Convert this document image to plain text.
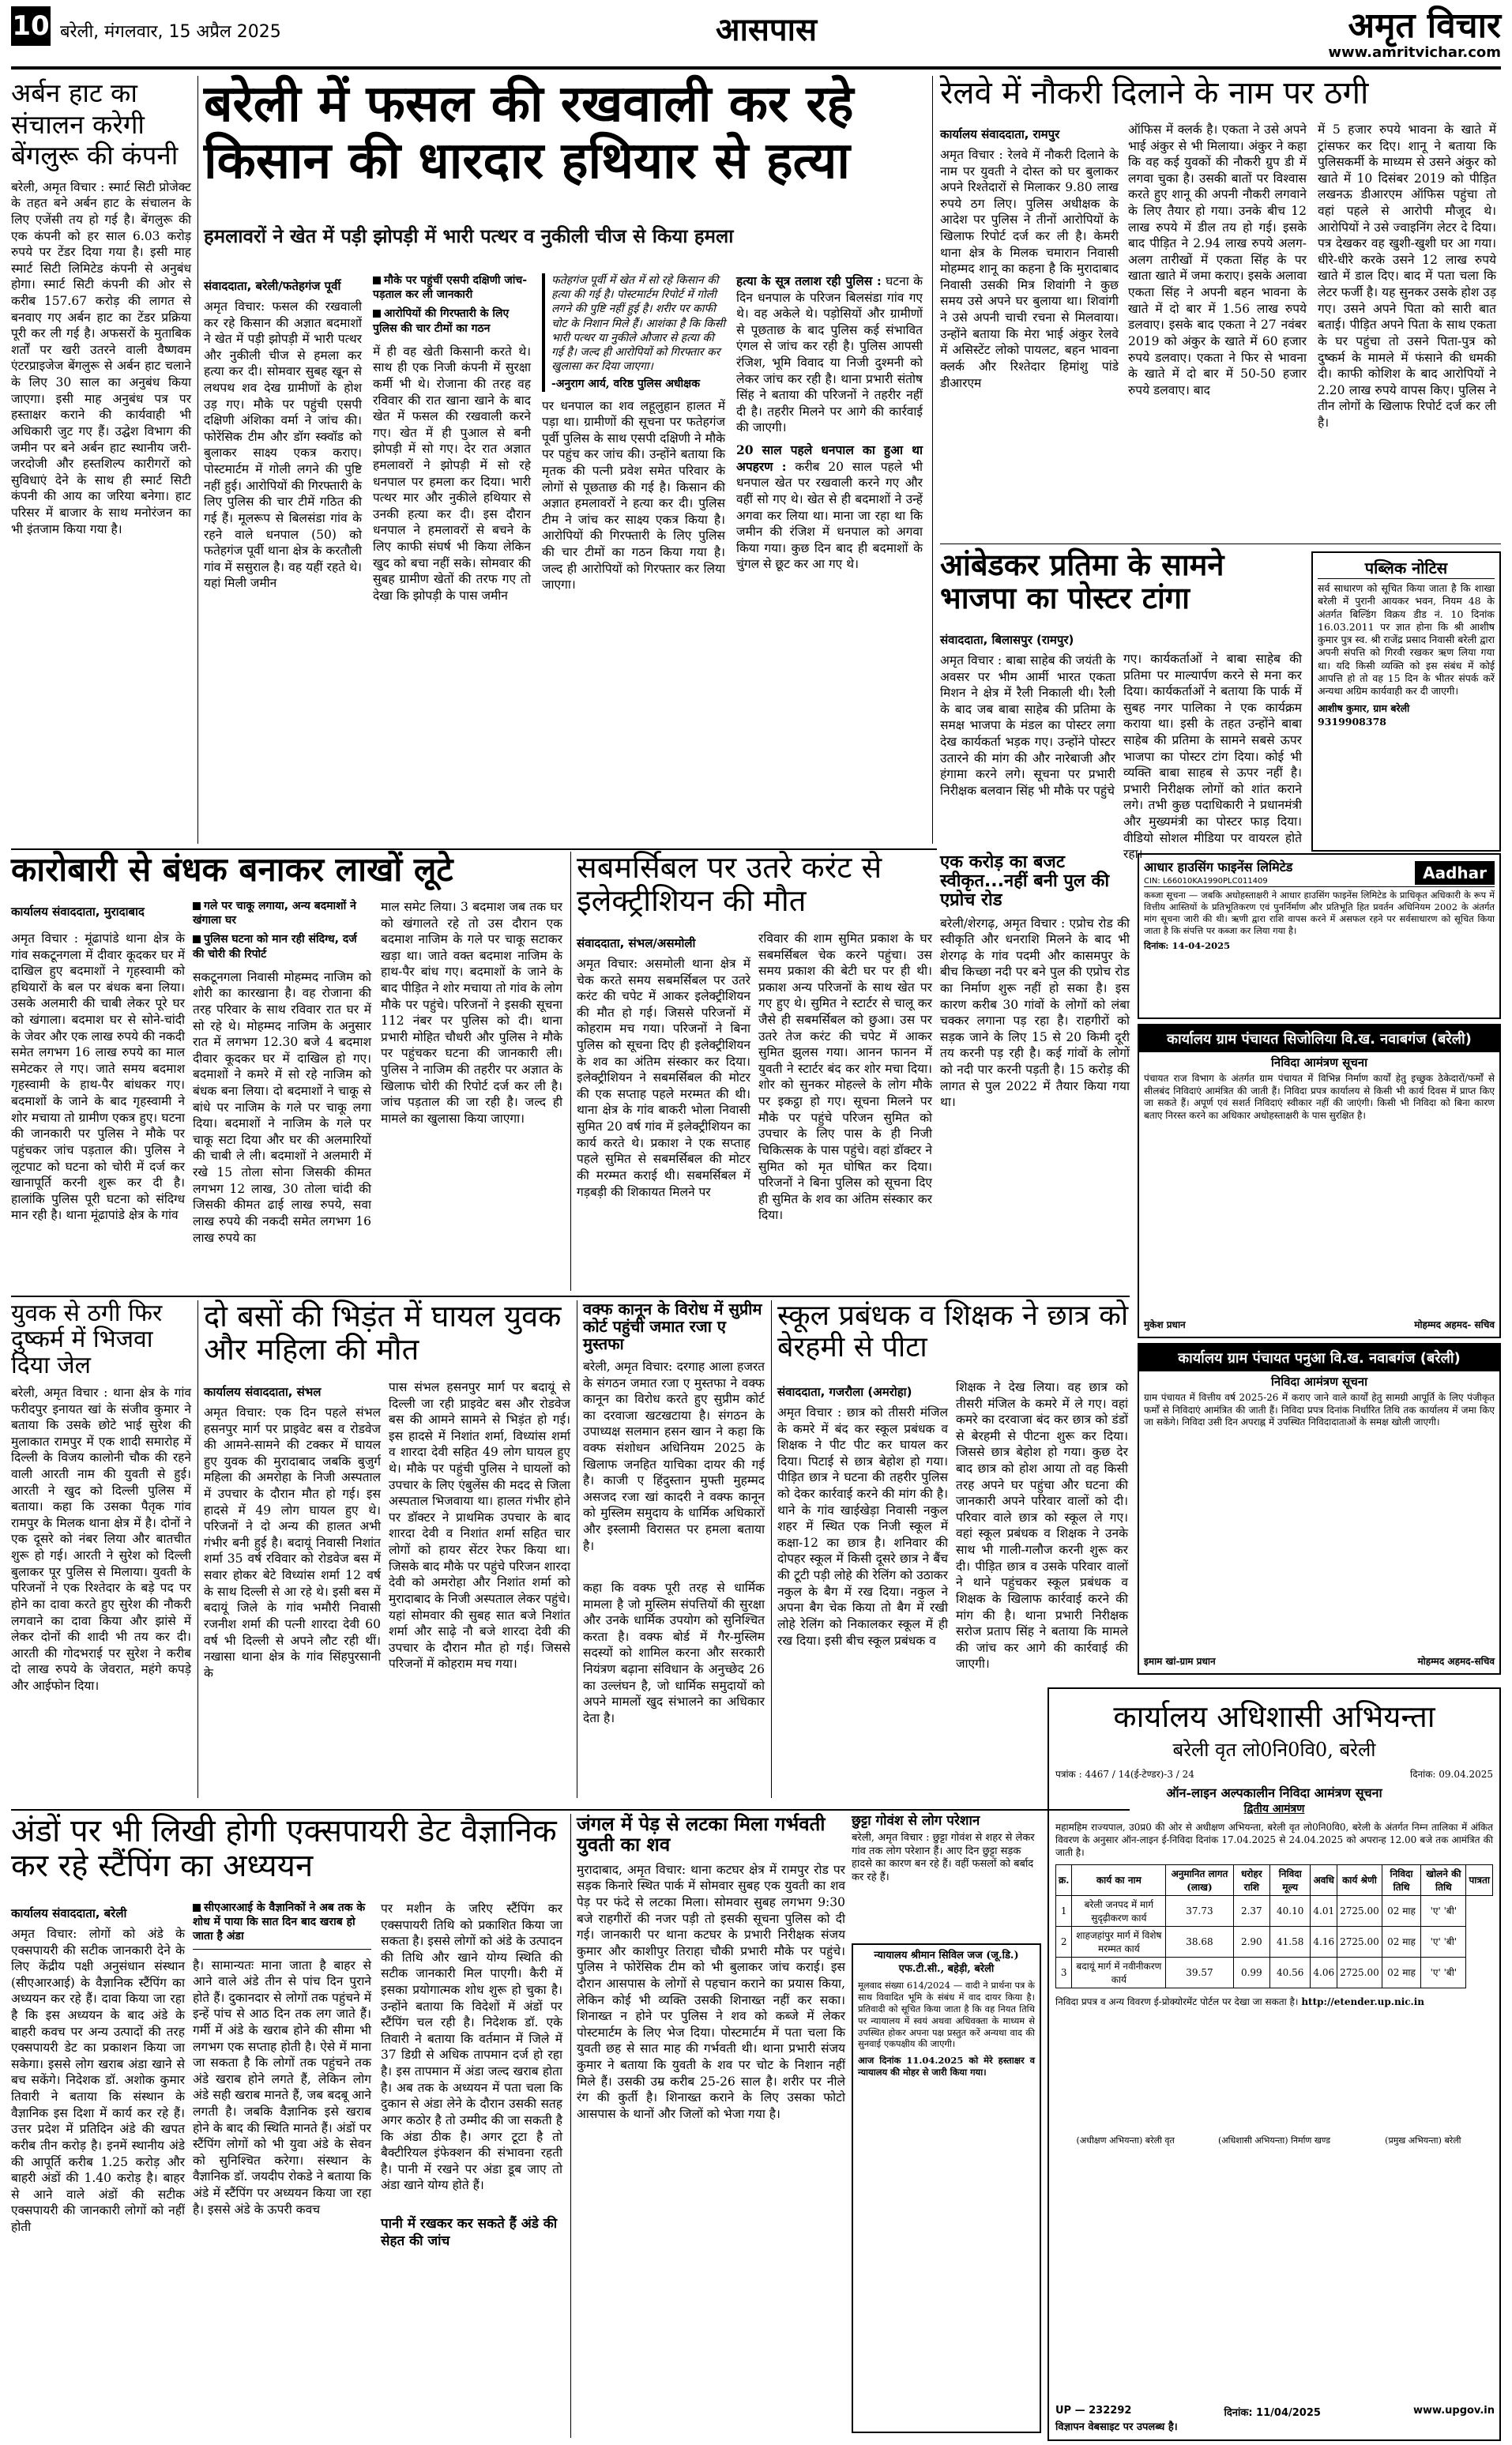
10 बरेली, मंगलवार, 15 अप्रैल 2025	आसपास	अमृत विचार
www.amritvichar.com
अर्बन हाट का संचालन करेगी बेंगलुरू की कंपनी
बरेली, अमृत विचार : स्मार्ट सिटी प्रोजेक्ट के तहत बने अर्बन हाट के संचालन के लिए एजेंसी तय हो गई है। बेंगलुरू की एक कंपनी को हर साल 6.03 करोड़ रुपये पर टेंडर दिया गया है। इसी माह स्मार्ट सिटी लिमिटेड कंपनी से अनुबंध होगा। स्मार्ट सिटी कंपनी की ओर से करीब 157.67 करोड़ की लागत से बनवाए गए अर्बन हाट का टेंडर प्रक्रिया पूरी कर ली गई है। अफसरों के मुताबिक शर्तों पर खरी उतरने वाली वैष्णवम एंटरप्राइजेज बेंगलुरू से अर्बन हाट चलाने के लिए 30 साल का अनुबंध किया जाएगा। इसी माह अनुबंध पत्र पर हस्ताक्षर कराने की कार्यवाही भी अधिकारी जुट गए हैं। उद्घेश विभाग की जमीन पर बने अर्बन हाट स्थानीय जरी-जरदोजी और हस्तशिल्प कारीगरों को सुविधाएं देने के साथ ही स्मार्ट सिटी कंपनी की आय का जरिया बनेगा। हाट परिसर में बाजार के साथ मनोरंजन का भी इंतजाम किया गया है।
बरेली में फसल की रखवाली कर रहे किसान की धारदार हथियार से हत्या
हमलावरों ने खेत में पड़ी झोपड़ी में भारी पत्थर व नुकीली चीज से किया हमला
संवाददाता, बरेली/फतेहगंज पूर्वी
अमृत विचार: फसल की रखवाली कर रहे किसान की अज्ञात बदमाशों ने खेत में पड़ी झोपड़ी में भारी पत्थर और नुकीली चीज से हमला कर हत्या कर दी। सोमवार सुबह खून से लथपथ शव देख ग्रामीणों के होश उड़ गए। मौके पर पहुंची एसपी दक्षिणी अंशिका वर्मा ने जांच की। फोरेंसिक टीम और डॉग स्क्वॉड को बुलाकर साक्ष्य एकत्र कराए। पोस्टमार्टम में गोली लगने की पुष्टि नहीं हुई। आरोपियों की गिरफ्तारी के लिए पुलिस की चार टीमें गठित की गई हैं। मूलरूप से बिलसंडा गांव के रहने वाले धनपाल (50) को फतेहगंज पूर्वी थाना क्षेत्र के करतौली गांव में ससुराल है। वह यहीं रहते थे। यहां मिली जमीन
मौके पर पहुंचीं एसपी दक्षिणी जांच- पड़ताल कर ली जानकारी
आरोपियों की गिरफ्तारी के लिए पुलिस की चार टीमों का गठन
में ही वह खेती किसानी करते थे। साथ ही एक निजी कंपनी में सुरक्षा कर्मी भी थे। रोजाना की तरह वह रविवार की रात खाना खाने के बाद खेत में फसल की रखवाली करने गए। खेत में ही पुआल से बनी झोपड़ी में सो गए। देर रात अज्ञात हमलावरों ने झोपड़ी में सो रहे धनपाल पर हमला कर दिया। भारी पत्थर मार और नुकीले हथियार से उनकी हत्या कर दी। इस दौरान धनपाल ने हमलावरों से बचने के लिए काफी संघर्ष भी किया लेकिन खुद को बचा नहीं सके। सोमवार की सुबह ग्रामीण खेतों की तरफ गए तो देखा कि झोपड़ी के पास जमीन
फतेहगंज पूर्वी में खेत में सो रहे किसान की हत्या की गई है। पोस्टमार्टम रिपोर्ट में गोली लगने की पुष्टि नहीं हुई है। शरीर पर काफी चोट के निशान मिले हैं। आशंका है कि किसी भारी पत्थर या नुकीले औजार से हत्या की गई है। जल्द ही आरोपियों को गिरफ्तार कर खुलासा कर दिया जाएगा।
-अनुराग आर्य, वरिष्ठ पुलिस अधीक्षक
पर धनपाल का शव लहूलुहान हालत में पड़ा था। ग्रामीणों की सूचना पर फतेहगंज पूर्वी पुलिस के साथ एसपी दक्षिणी ने मौके पर पहुंच कर जांच की। उन्होंने बताया कि मृतक की पत्नी प्रवेश समेत परिवार के लोगों से पूछताछ की गई है। किसान की अज्ञात हमलावरों ने हत्या कर दी। पुलिस टीम ने जांच कर साक्ष्य एकत्र किया है। आरोपियों की गिरफ्तारी के लिए पुलिस की चार टीमों का गठन किया गया है। जल्द ही आरोपियों को गिरफ्तार कर लिया जाएगा।
हत्या के सूत्र तलाश रही पुलिस : घटना के दिन धनपाल के परिजन बिलसंडा गांव गए थे। वह अकेले थे। पड़ोसियों और ग्रामीणों से पूछताछ के बाद पुलिस कई संभावित एंगल से जांच कर रही है। पुलिस आपसी रंजिश, भूमि विवाद या निजी दुश्मनी को लेकर जांच कर रही है। थाना प्रभारी संतोष सिंह ने बताया की परिजनों ने तहरीर नहीं दी है। तहरीर मिलने पर आगे की कार्रवाई की जाएगी।
20 साल पहले धनपाल का हुआ था अपहरण : करीब 20 साल पहले भी धनपाल खेत पर रखवाली करने गए और वहीं सो गए थे। खेत से ही बदमाशों ने उन्हें अगवा कर लिया था। माना जा रहा था कि जमीन की रंजिश में धनपाल को अगवा किया गया। कुछ दिन बाद ही बदमाशों के चुंगल से छूट कर आ गए थे।
रेलवे में नौकरी दिलाने के नाम पर ठगी
कार्यालय संवाददाता, रामपुर
अमृत विचार : रेलवे में नौकरी दिलाने के नाम पर युवती ने दोस्त को घर बुलाकर अपने रिश्तेदारों से मिलाकर 9.80 लाख रुपये ठग लिए। पुलिस अधीक्षक के आदेश पर पुलिस ने तीनों आरोपियों के खिलाफ रिपोर्ट दर्ज कर ली है। केमरी थाना क्षेत्र के मिलक चमारान निवासी मोहम्मद शानू का कहना है कि मुरादाबाद निवासी उसकी मित्र शिवांगी ने कुछ समय उसे अपने घर बुलाया था। शिवांगी ने उसे अपनी चाची रचना से मिलवाया। उन्होंने बताया कि मेरा भाई अंकुर रेलवे में असिस्टेंट लोको पायलट, बहन भावना क्लर्क और रिश्तेदार हिमांशु पांडे डीआरएम
ऑफिस में क्लर्क है। एकता ने उसे अपने भाई अंकुर से भी मिलाया। अंकुर ने कहा कि वह कई युवकों की नौकरी ग्रुप डी में लगवा चुका है। उसकी बातों पर विश्वास करते हुए शानू की अपनी नौकरी लगवाने के लिए तैयार हो गया। उनके बीच 12 लाख रुपये में डील तय हो गई। इसके बाद पीड़ित ने 2.94 लाख रुपये अलग-अलग तारीखों में एकता सिंह के पर खाता खाते में जमा कराए। इसके अलावा एकता सिंह ने अपनी बहन भावना के खाते में दो बार में 1.56 लाख रुपये डलवाए। इसके बाद एकता ने 27 नवंबर 2019 को अंकुर के खाते में 60 हजार रुपये डलवाए। एकता ने फिर से भावना के खाते में दो बार में 50-50 हजार रुपये डलवाए। बाद
में 5 हजार रुपये भावना के खाते में ट्रांसफर कर दिए। शानू ने बताया कि पुलिसकर्मी के माध्यम से उसने अंकुर को खाते में 10 दिसंबर 2019 को पीड़ित लखनऊ डीआरएम ऑफिस पहुंचा तो वहां पहले से आरोपी मौजूद थे। आरोपियों ने उसे ज्वाइनिंग लेटर दे दिया। पत्र देखकर वह खुशी-खुशी घर आ गया। धीरे-धीरे करके उसने 12 लाख रुपये खाते में डाल दिए। बाद में पता चला कि लेटर फर्जी है। यह सुनकर उसके होश उड़ गए। उसने अपने पिता को सारी बात बताई। पीड़ित अपने पिता के साथ एकता के घर पहुंचा तो उसने पिता-पुत्र को दुष्कर्म के मामले में फंसाने की धमकी दी। काफी कोशिश के बाद आरोपियों ने 2.20 लाख रुपये वापस किए। पुलिस ने तीन लोगों के खिलाफ रिपोर्ट दर्ज कर ली है।
आंबेडकर प्रतिमा के सामने भाजपा का पोस्टर टांगा
संवाददाता, बिलासपुर (रामपुर)
अमृत विचार : बाबा साहेब की जयंती के अवसर पर भीम आर्मी भारत एकता मिशन ने क्षेत्र में रैली निकाली थी। रैली के बाद जब बाबा साहेब की प्रतिमा के समक्ष भाजपा के मंडल का पोस्टर लगा देख कार्यकर्ता भड़क गए। उन्होंने पोस्टर उतारने की मांग की और नारेबाजी और हंगामा करने लगे। सूचना पर प्रभारी निरीक्षक बलवान सिंह भी मौके पर पहुंचे
गए। कार्यकर्ताओं ने बाबा साहेब की प्रतिमा पर माल्यार्पण करने से मना कर दिया। कार्यकर्ताओं ने बताया कि पार्क में सुबह नगर पालिका ने एक कार्यक्रम कराया था। इसी के तहत उन्होंने बाबा साहेब की प्रतिमा के सामने सबसे ऊपर भाजपा का पोस्टर टांग दिया। कोई भी व्यक्ति बाबा साहब से ऊपर नहीं है। प्रभारी निरीक्षक लोगों को शांत कराने लगे। तभी कुछ पदाधिकारी ने प्रधानमंत्री और मुख्यमंत्री का पोस्टर फाड़ दिया। वीडियो सोशल मीडिया पर वायरल होते रहा।
पब्लिक नोटिस
सर्व साधारण को सूचित किया जाता है कि शाखा बरेली में पुरानी आयकर भवन, नियम 48 के अंतर्गत बिल्डिंग विक्रय डीड नं. 10 दिनांक 16.03.2011 पर ज्ञात होना कि श्री आशीष कुमार पुत्र स्व. श्री राजेंद्र प्रसाद निवासी बरेली द्वारा अपनी संपत्ति को गिरवी रखकर ऋण लिया गया था। यदि किसी व्यक्ति को इस संबंध में कोई आपत्ति हो तो वह 15 दिन के भीतर संपर्क करें अन्यथा अग्रिम कार्यवाही कर दी जाएगी।
आशीष कुमार, ग्राम बरेली
9319908378
कारोबारी से बंधक बनाकर लाखों लूटे
कार्यालय संवाददाता, मुरादाबाद
अमृत विचार : मूंढापांडे थाना क्षेत्र के गांव सकटूनगला में दीवार कूदकर घर में दाखिल हुए बदमाशों ने गृहस्वामी को हथियारों के बल पर बंधक बना लिया। उसके अलमारी की चाबी लेकर पूरे घर को खंगाला। बदमाश घर से सोने-चांदी के जेवर और एक लाख रुपये की नकदी समेत लगभग 16 लाख रुपये का माल समेटकर ले गए। जाते समय बदमाश गृहस्वामी के हाथ-पैर बांधकर गए। बदमाशों के जाने के बाद गृहस्वामी ने शोर मचाया तो ग्रामीण एकत्र हुए। घटना की जानकारी पर पुलिस ने मौके पर पहुंचकर जांच पड़ताल की। पुलिस ने लूटपाट को घटना को चोरी में दर्ज कर खानापूर्ति करनी शुरू कर दी है। हालांकि पुलिस पूरी घटना को संदिग्ध मान रही है। थाना मूंढापांडे क्षेत्र के गांव
गले पर चाकू लगाया, अन्य बदमाशों ने खंगाला घर
पुलिस घटना को मान रही संदिग्ध, दर्ज की चोरी की रिपोर्ट
सकटूनगला निवासी मोहम्मद नाजिम को शोरी का कारखाना है। वह रोजाना की तरह परिवार के साथ रविवार रात घर में सो रहे थे। मोहम्मद नाजिम के अनुसार रात में लगभग 12.30 बजे 4 बदमाश दीवार कूदकर घर में दाखिल हो गए। बदमाशों ने कमरे में सो रहे नाजिम को बंधक बना लिया। दो बदमाशों ने चाकू से बांधे पर नाजिम के गले पर चाकू लगा दिया। बदमाशों ने नाजिम के गले पर चाकू सटा दिया और घर की अलमारियों की चाबी ले ली। बदमाशों ने अलमारी में रखे 15 तोला सोना जिसकी कीमत लगभग 12 लाख, 30 तोला चांदी की जिसकी कीमत ढाई लाख रुपये, सवा लाख रुपये की नकदी समेत लगभग 16 लाख रुपये का
माल समेट लिया। 3 बदमाश जब तक घर को खंगालते रहे तो उस दौरान एक बदमाश नाजिम के गले पर चाकू सटाकर खड़ा था। जाते वक्त बदमाश नाजिम के हाथ-पैर बांध गए। बदमाशों के जाने के बाद पीड़ित ने शोर मचाया तो गांव के लोग मौके पर पहुंचे। परिजनों ने इसकी सूचना 112 नंबर पर पुलिस को दी। थाना प्रभारी मोहित चौधरी और पुलिस ने मौके पर पहुंचकर घटना की जानकारी ली। पुलिस ने नाजिम की तहरीर पर अज्ञात के खिलाफ चोरी की रिपोर्ट दर्ज कर ली है। जांच पड़ताल की जा रही है। जल्द ही मामले का खुलासा किया जाएगा।
सबमर्सिबल पर उतरे करंट से इलेक्ट्रीशियन की मौत
संवाददाता, संभल/असमोली
अमृत विचार: असमोली थाना क्षेत्र में चेक करते समय सबमर्सिबल पर उतरे करंट की चपेट में आकर इलेक्ट्रीशियन की मौत हो गई। जिससे परिजनों में कोहराम मच गया। परिजनों ने बिना पुलिस को सूचना दिए ही इलेक्ट्रीशियन के शव का अंतिम संस्कार कर दिया। इलेक्ट्रीशियन ने सबमर्सिबल की मोटर की एक सप्ताह पहले मरम्मत की थी। थाना क्षेत्र के गांव बाकरी भोला निवासी सुमित 20 वर्ष गांव में इलेक्ट्रीशियन का कार्य करते थे। प्रकाश ने एक सप्ताह पहले सुमित से सबमर्सिबल की मोटर की मरम्मत कराई थी। सबमर्सिबल में गड़बड़ी की शिकायत मिलने पर
रविवार की शाम सुमित प्रकाश के घर सबमर्सिबल चेक करने पहुंचा। उस समय प्रकाश की बेटी घर पर ही थी। प्रकाश अन्य परिजनों के साथ खेत पर गए हुए थे। सुमित ने स्टार्टर से चालू कर जैसे ही सबमर्सिबल को छुआ। उस पर उतरे तेज करंट की चपेट में आकर सुमित झुलस गया। आनन फानन में युवती ने स्टार्टर बंद कर शोर मचा दिया। शोर को सुनकर मोहल्ले के लोग मौके पर इकट्ठा हो गए। सूचना मिलने पर मौके पर पहुंचे परिजन सुमित को उपचार के लिए पास के ही निजी चिकित्सक के पास पहुंचे। वहां डॉक्टर ने सुमित को मृत घोषित कर दिया। परिजनों ने बिना पुलिस को सूचना दिए ही सुमित के शव का अंतिम संस्कार कर दिया।
एक करोड़ का बजट स्वीकृत...नहीं बनी पुल की एप्रोच रोड
बरेली/शेरगढ़, अमृत विचार : एप्रोच रोड की स्वीकृति और धनराशि मिलने के बाद भी शेरगढ़ के गांव पदमी और कासमपुर के बीच किच्छा नदी पर बने पुल की एप्रोच रोड का निर्माण शुरू नहीं हो सका है। इस कारण करीब 30 गांवों के लोगों को लंबा चक्कर लगाना पड़ रहा है। राहगीरों को सड़क जाने के लिए 15 से 20 किमी दूरी तय करनी पड़ रही है। कई गांवों के लोगों को नदी पार करनी पड़ती है। 15 करोड़ की लागत से पुल 2022 में तैयार किया गया था।
आधार हाउसिंग फाइनेंस लिमिटेड
CIN: L66010KA1990PLC011409	Aadhar
कब्जा सूचना — जबकि अधोहस्ताक्षरी ने आधार हाउसिंग फाइनेंस लिमिटेड के प्राधिकृत अधिकारी के रूप में वित्तीय आस्तियों के प्रतिभूतिकरण एवं पुनर्निर्माण और प्रतिभूति हित प्रवर्तन अधिनियम 2002 के अंतर्गत मांग सूचना जारी की थी। ऋणी द्वारा राशि वापस करने में असफल रहने पर सर्वसाधारण को सूचित किया जाता है कि संपत्ति पर कब्जा कर लिया गया है।
दिनांक: 14-04-2025
कार्यालय ग्राम पंचायत सिजोलिया वि.ख. नवाबगंज (बरेली)
निविदा आमंत्रण सूचना
पंचायत राज विभाग के अंतर्गत ग्राम पंचायत में विभिन्न निर्माण कार्यों हेतु इच्छुक ठेकेदारों/फर्मों से सीलबंद निविदाएं आमंत्रित की जाती हैं। निविदा प्रपत्र कार्यालय से किसी भी कार्य दिवस में प्राप्त किए जा सकते हैं। अपूर्ण एवं सशर्त निविदाएं स्वीकार नहीं की जाएंगी। किसी भी निविदा को बिना कारण बताए निरस्त करने का अधिकार अधोहस्ताक्षरी के पास सुरक्षित है।
मुकेश प्रधान	मोहम्मद अहमद- सचिव
कार्यालय ग्राम पंचायत पनुआ वि.ख. नवाबगंज (बरेली)
निविदा आमंत्रण सूचना
ग्राम पंचायत में वित्तीय वर्ष 2025-26 में कराए जाने वाले कार्यों हेतु सामग्री आपूर्ति के लिए पंजीकृत फर्मों से निविदाएं आमंत्रित की जाती हैं। निविदा प्रपत्र दिनांक निर्धारित तिथि तक कार्यालय में जमा किए जा सकेंगे। निविदा उसी दिन अपराह्न में उपस्थित निविदादाताओं के समक्ष खोली जाएगी।
इमाम खां-ग्राम प्रधान	मोहम्मद अहमद-सचिव
युवक से ठगी फिर दुष्कर्म में भिजवा दिया जेल
बरेली, अमृत विचार : थाना क्षेत्र के गांव फरीदपुर इनायत खां के संजीव कुमार ने बताया कि उसके छोटे भाई सुरेश की मुलाकात रामपुर में एक शादी समारोह में दिल्ली के विजय कालोनी चौक की रहने वाली आरती नाम की युवती से हुई। आरती ने खुद को दिल्ली पुलिस में बताया। कहा कि उसका पैतृक गांव रामपुर के मिलक थाना क्षेत्र में है। दोनों ने एक दूसरे को नंबर लिया और बातचीत शुरू हो गई। आरती ने सुरेश को दिल्ली बुलाकर पूर पुलिस से मिलाया। युवती के परिजनों ने एक रिश्तेदार के बड़े पद पर होने का दावा करते हुए सुरेश की नौकरी लगवाने का दावा किया और झांसे में लेकर दोनों की शादी भी तय कर दी। आरती की गोदभराई पर सुरेश ने करीब दो लाख रुपये के जेवरात, महंगे कपड़े और आईफोन दिया।
दो बसों की भिड़ंत में घायल युवक और महिला की मौत
कार्यालय संवाददाता, संभल
अमृत विचार: एक दिन पहले संभल हसनपुर मार्ग पर प्राइवेट बस व रोडवेज की आमने-सामने की टक्कर में घायल हुए युवक की मुरादाबाद जबकि बुजुर्ग महिला की अमरोहा के निजी अस्पताल में उपचार के दौरान मौत हो गई। इस हादसे में 49 लोग घायल हुए थे। परिजनों ने दो अन्य की हालत अभी गंभीर बनी हुई है। बदायूं निवासी निशांत शर्मा 35 वर्ष रविवार को रोडवेज बस में सवार होकर बेटे विध्यांस शर्मा 12 वर्ष के साथ दिल्ली से आ रहे थे। इसी बस में बदायूं जिले के गांव भमौरी निवासी रजनीश शर्मा की पत्नी शारदा देवी 60 वर्ष भी दिल्ली से अपने लौट रही थीं। नखासा थाना क्षेत्र के गांव सिंहपुरसानी के
पास संभल हसनपुर मार्ग पर बदायूं से दिल्ली जा रही प्राइवेट बस और रोडवेज बस की आमने सामने से भिड़ंत हो गई। इस हादसे में निशांत शर्मा, विध्यांस शर्मा व शारदा देवी सहित 49 लोग घायल हुए थे। मौके पर पहुंची पुलिस ने घायलों को उपचार के लिए एंबुलेंस की मदद से जिला अस्पताल भिजवाया था। हालत गंभीर होने पर डॉक्टर ने प्राथमिक उपचार के बाद शारदा देवी व निशांत शर्मा सहित चार लोगों को हायर सेंटर रेफर किया था। जिसके बाद मौके पर पहुंचे परिजन शारदा देवी को अमरोहा और निशांत शर्मा को मुरादाबाद के निजी अस्पताल लेकर पहुंचे। यहां सोमवार की सुबह सात बजे निशांत शर्मा और साढ़े नौ बजे शारदा देवी की उपचार के दौरान मौत हो गई। जिससे परिजनों में कोहराम मच गया।
वक्फ कानून के विरोध में सुप्रीम कोर्ट पहुंची जमात रजा ए मुस्तफा
बरेली, अमृत विचार: दरगाह आला हजरत के संगठन जमात रजा ए मुस्तफा ने वक्फ कानून का विरोध करते हुए सुप्रीम कोर्ट का दरवाजा खटखटाया है। संगठन के उपाध्यक्ष सलमान हसन खान ने कहा कि वक्फ संशोधन अधिनियम 2025 के खिलाफ जनहित याचिका दायर की गई है। काजी ए हिंदुस्तान मुफ्ती मुहम्मद असजद रजा खां कादरी ने वक्फ कानून को मुस्लिम समुदाय के धार्मिक अधिकारों और इस्लामी विरासत पर हमला बताया है।
कहा कि वक्फ पूरी तरह से धार्मिक मामला है जो मुस्लिम संपत्तियों की सुरक्षा और उनके धार्मिक उपयोग को सुनिश्चित करता है। वक्फ बोर्ड में गैर-मुस्लिम सदस्यों को शामिल करना और सरकारी नियंत्रण बढ़ाना संविधान के अनुच्छेद 26 का उल्लंघन है, जो धार्मिक समुदायों को अपने मामलों खुद संभालने का अधिकार देता है।
स्कूल प्रबंधक व शिक्षक ने छात्र को बेरहमी से पीटा
संवाददाता, गजरौला (अमरोहा)
अमृत विचार : छात्र को तीसरी मंजिल के कमरे में बंद कर स्कूल प्रबंधक व शिक्षक ने पीट पीट कर घायल कर दिया। पिटाई से छात्र बेहोश हो गया। पीड़ित छात्र ने घटना की तहरीर पुलिस को देकर कार्रवाई करने की मांग की है। थाने के गांव खाईखेड़ा निवासी नकुल शहर में स्थित एक निजी स्कूल में कक्षा-12 का छात्र है। शनिवार की दोपहर स्कूल में किसी दूसरे छात्र ने बैंच की टूटी पड़ी लोहे की रेलिंग को उठाकर नकुल के बैग में रख दिया। नकुल ने अपना बैग चेक किया तो बैग में रखी लोहे रेलिंग को निकालकर स्कूल में ही रख दिया। इसी बीच स्कूल प्रबंधक व
शिक्षक ने देख लिया। वह छात्र को तीसरी मंजिल के कमरे में ले गए। वहां कमरे का दरवाजा बंद कर छात्र को डंडों से बेरहमी से पीटना शुरू कर दिया। जिससे छात्र बेहोश हो गया। कुछ देर बाद छात्र को होश आया तो वह किसी तरह अपने घर पहुंचा और घटना की जानकारी अपने परिवार वालों को दी। परिवार वाले छात्र को स्कूल ले गए। वहां स्कूल प्रबंधक व शिक्षक ने उनके साथ भी गाली-गलौज करनी शुरू कर दी। पीड़ित छात्र व उसके परिवार वालों ने थाने पहुंचकर स्कूल प्रबंधक व शिक्षक के खिलाफ कार्रवाई करने की मांग की है। थाना प्रभारी निरीक्षक सरोज प्रताप सिंह ने बताया कि मामले की जांच कर आगे की कार्रवाई की जाएगी।
अंडों पर भी लिखी होगी एक्सपायरी डेट वैज्ञानिक कर रहे स्टैंपिंग का अध्ययन
कार्यालय संवाददाता, बरेली
अमृत विचार: लोगों को अंडे के एक्सपायरी की सटीक जानकारी देने के लिए केंद्रीय पक्षी अनुसंधान संस्थान (सीएआरआई) के वैज्ञानिक स्टैंपिंग का अध्ययन कर रहे हैं। दावा किया जा रहा है कि इस अध्ययन के बाद अंडे के बाहरी कवच पर अन्य उत्पादों की तरह एक्सपायरी डेट का प्रकाशन किया जा सकेगा। इससे लोग खराब अंडा खाने से बच सकेंगे। निदेशक डॉ. अशोक कुमार तिवारी ने बताया कि संस्थान के वैज्ञानिक इस दिशा में कार्य कर रहे हैं। उत्तर प्रदेश में प्रतिदिन अंडे की खपत करीब तीन करोड़ है। इनमें स्थानीय अंडे की आपूर्ति करीब 1.25 करोड़ और बाहरी अंडों की 1.40 करोड़ है। बाहर से आने वाले अंडों की सटीक एक्सपायरी की जानकारी लोगों को नहीं होती
सीएआरआई के वैज्ञानिकों ने अब तक के शोध में पाया कि सात दिन बाद खराब हो जाता है अंडा
है। सामान्यतः माना जाता है बाहर से आने वाले अंडे तीन से पांच दिन पुराने होते हैं। दुकानदार से लोगों तक पहुंचने में इन्हें पांच से आठ दिन तक लग जाते हैं। गर्मी में अंडे के खराब होने की सीमा भी लगभग एक सप्ताह होती है। ऐसे में माना जा सकता है कि लोगों तक पहुंचने तक अंडे खराब होने लगते हैं, लेकिन लोग अंडे सही खराब मानते हैं, जब बदबू आने लगती है। जबकि वैज्ञानिक इसे खराब होने के बाद की स्थिति मानते हैं। अंडों पर स्टैंपिंग लोगों को भी युवा अंडे के सेवन को सुनिश्चित करेगा। संस्थान के वैज्ञानिक डॉ. जयदीप रोकडे ने बताया कि अंडे में स्टैंपिंग पर अध्ययन किया जा रहा है। इससे अंडे के ऊपरी कवच
पर मशीन के जरिए स्टैंपिंग कर एक्सपायरी तिथि को प्रकाशित किया जा सकता है। इससे लोगों को अंडे के उत्पादन की तिथि और खाने योग्य स्थिति की सटीक जानकारी मिल पाएगी। कैरी में इसका प्रयोगात्मक शोध शुरू हो चुका है। उन्होंने बताया कि विदेशों में अंडों पर स्टैंपिंग चल रही है। निदेशक डॉ. एके तिवारी ने बताया कि वर्तमान में जिले में 37 डिग्री से अधिक तापमान दर्ज हो रहा है। इस तापमान में अंडा जल्द खराब होता है। अब तक के अध्ययन में पता चला कि दुकान से अंडा लेने के दौरान उसकी सतह अगर कठोर है तो उम्मीद की जा सकती है कि अंडा ठीक है। अगर टूटा है तो बैक्टीरियल इंफेक्शन की संभावना रहती है। पानी में रखने पर अंडा डूब जाए तो अंडा खाने योग्य होते हैं।
पानी में रखकर कर सकते हैं अंडे की सेहत की जांच
जंगल में पेड़ से लटका मिला गर्भवती युवती का शव
मुरादाबाद, अमृत विचार: थाना कटघर क्षेत्र में रामपुर रोड पर सड़क किनारे स्थित पार्क में सोमवार सुबह एक युवती का शव पेड़ पर फंदे से लटका मिला। सोमवार सुबह लगभग 9:30 बजे राहगीरों की नजर पड़ी तो इसकी सूचना पुलिस को दी गई। जानकारी पर थाना कटघर के प्रभारी निरीक्षक संजय कुमार और काशीपुर तिराहा चौकी प्रभारी मौके पर पहुंचे। पुलिस ने फोरेंसिक टीम को भी बुलाकर जांच कराई। इस दौरान आसपास के लोगों से पहचान कराने का प्रयास किया, लेकिन कोई भी व्यक्ति उसकी शिनाख्त नहीं कर सका। शिनाख्त न होने पर पुलिस ने शव को कब्जे में लेकर पोस्टमार्टम के लिए भेज दिया। पोस्टमार्टम में पता चला कि युवती छह से सात माह की गर्भवती थी। थाना प्रभारी संजय कुमार ने बताया कि युवती के शव पर चोट के निशान नहीं मिले हैं। उसकी उम्र करीब 25-26 साल है। शरीर पर नीले रंग की कुर्ती है। शिनाख्त कराने के लिए उसका फोटो आसपास के थानों और जिलों को भेजा गया है।
छुट्टा गोवंश से लोग परेशान
बरेली, अमृत विचार : छुट्टा गोवंश से शहर से लेकर गांव तक लोग परेशान हैं। आए दिन छुट्टा सड़क हादसे का कारण बन रहे हैं। वहीं फसलों को बर्बाद कर रहे हैं।
न्यायालय श्रीमान सिविल जज (जू.डि.) एफ.टी.सी., बहेड़ी, बरेली
मूलवाद संख्या 614/2024 — वादी ने प्रार्थना पत्र के साथ विवादित भूमि के संबंध में वाद दायर किया है। प्रतिवादी को सूचित किया जाता है कि वह नियत तिथि पर न्यायालय में स्वयं अथवा अधिवक्ता के माध्यम से उपस्थित होकर अपना पक्ष प्रस्तुत करें अन्यथा वाद की सुनवाई एकपक्षीय की जाएगी।
आज दिनांक 11.04.2025 को मेरे हस्ताक्षर व न्यायालय की मोहर से जारी किया गया।
कार्यालय अधिशासी अभियन्ता
बरेली वृत लो0नि0वि0, बरेली
पत्रांक : 4467 / 14(ई-टेण्डर)-3 / 24	दिनांक: 09.04.2025
ऑन-लाइन अल्पकालीन निविदा आमंत्रण सूचना
द्वितीय आमंत्रण
महामहिम राज्यपाल, उ0प्र0 की ओर से अधीक्षण अभियन्ता, बरेली वृत लो0नि0वि0, बरेली के अंतर्गत निम्न तालिका में अंकित विवरण के अनुसार ऑन-लाइन ई-निविदा दिनांक 17.04.2025 से 24.04.2025 को अपरान्ह 12.00 बजे तक आमंत्रित की जाती है।
क्र.	कार्य का नाम	अनुमानित लागत (लाख)	धरोहर राशि	निविदा मूल्य	अवधि	कार्य श्रेणी	निविदा तिथि	खोलने की तिथि	पात्रता
1	बरेली जनपद में मार्ग सुदृढ़ीकरण कार्य	37.73	2.37	40.10	4.01	2725.00	02 माह	'ए' 'बी'	
2	शाहजहांपुर मार्ग में विशेष मरम्मत कार्य	38.68	2.90	41.58	4.16	2725.00	02 माह	'ए' 'बी'	
3	बदायूं मार्ग में नवीनीकरण कार्य	39.57	0.99	40.56	4.06	2725.00	02 माह	'ए' 'बी'	
निविदा प्रपत्र व अन्य विवरण ई-प्रोक्योरमेंट पोर्टल पर देखा जा सकता है। http://etender.up.nic.in
(अधीक्षण अभियन्ता) बरेली वृत	(अधिशासी अभियन्ता) निर्माण खण्ड	(प्रमुख अभियन्ता) बरेली
UP — 232292	दिनांक: 11/04/2025	www.upgov.in
विज्ञापन वेबसाइट पर उपलब्ध है।
